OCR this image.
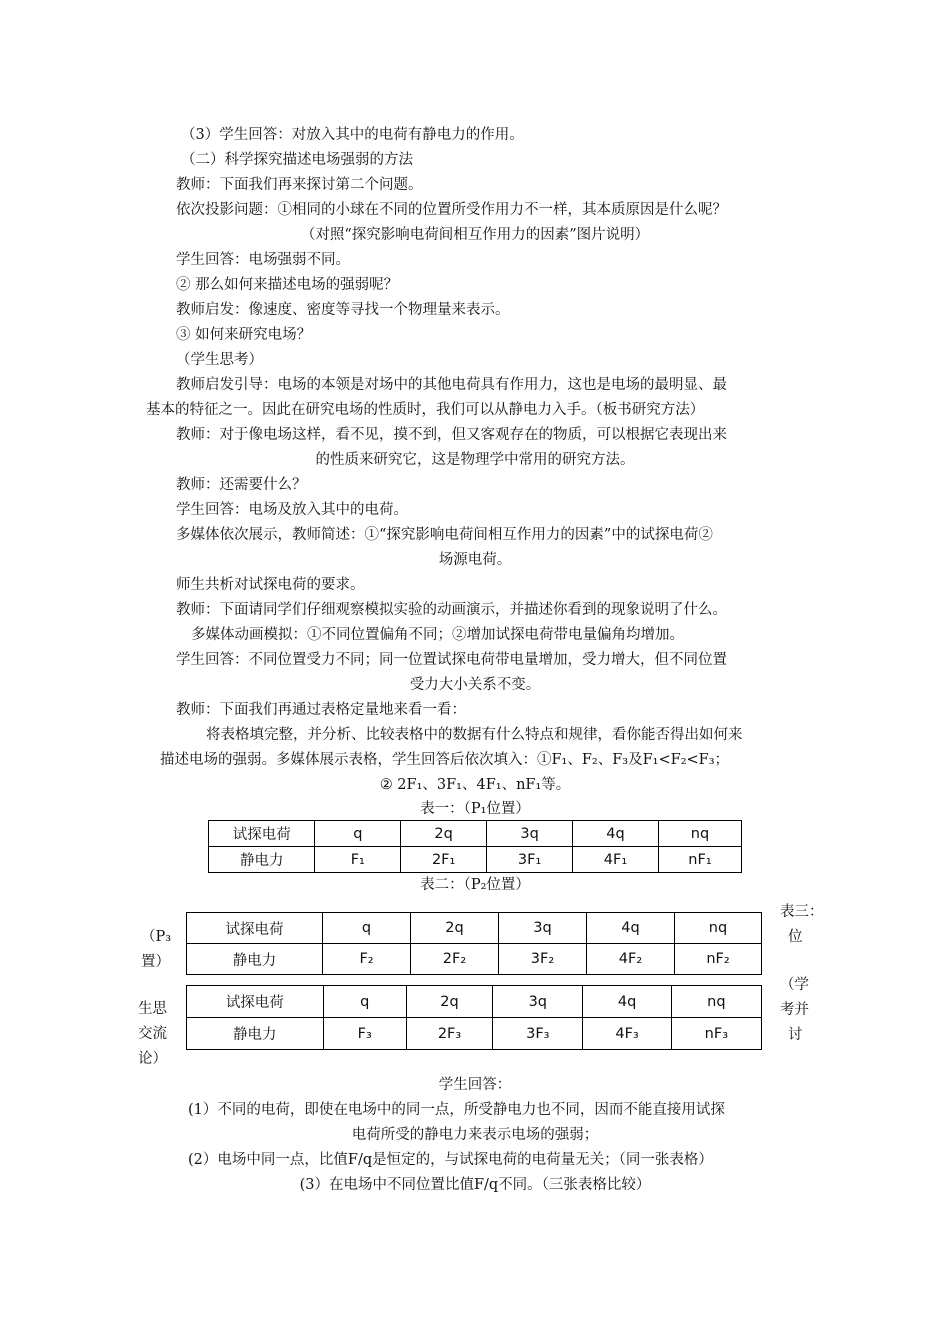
（3）学生回答：对放入其中的电荷有静电力的作用。
（二）科学探究描述电场强弱的方法
教师：下面我们再来探讨第二个问题。
依次投影问题：①相同的小球在不同的位置所受作用力不一样，其本质原因是什么呢？
（对照“探究影响电荷间相互作用力的因素”图片说明）
学生回答：电场强弱不同。
② 那么如何来描述电场的强弱呢？
教师启发：像速度、密度等寻找一个物理量来表示。
③ 如何来研究电场？
（学生思考）
教师启发引导：电场的本领是对场中的其他电荷具有作用力，这也是电场的最明显、最
基本的特征之一。因此在研究电场的性质时，我们可以从静电力入手。（板书研究方法）
教师：对于像电场这样，看不见，摸不到，但又客观存在的物质，可以根据它表现出来
的性质来研究它，这是物理学中常用的研究方法。
教师：还需要什么？
学生回答：电场及放入其中的电荷。
多媒体依次展示，教师简述：①“探究影响电荷间相互作用力的因素”中的试探电荷②
场源电荷。
师生共析对试探电荷的要求。
教师：下面请同学们仔细观察模拟实验的动画演示，并描述你看到的现象说明了什么。
多媒体动画模拟：①不同位置偏角不同；②增加试探电荷带电量偏角均增加。
学生回答：不同位置受力不同；同一位置试探电荷带电量增加，受力增大，但不同位置
受力大小关系不变。
教师：下面我们再通过表格定量地来看一看：
将表格填完整，并分析、比较表格中的数据有什么特点和规律，看你能否得出如何来
描述电场的强弱。多媒体展示表格，学生回答后依次填入：①F₁、F₂、F₃及F₁<F₂<F₃；
② 2F₁、3F₁、4F₁、nF₁等。
表一：（P₁位置）
试探电荷	q	2q	3q	4q	nq
静电力	F₁	2F₁	3F₁	4F₁	nF₁
表二：（P₂位置）
试探电荷	q	2q	3q	4q	nq
静电力	F₂	2F₂	3F₂	4F₂	nF₂
表三：
位
（P₃
置）
试探电荷	q	2q	3q	4q	nq
静电力	F₃	2F₃	3F₃	4F₃	nF₃
生思
交流
论）
（学
考并
讨
学生回答：
(1）不同的电荷，即使在电场中的同一点，所受静电力也不同，因而不能直接用试探
电荷所受的静电力来表示电场的强弱；
(2）电场中同一点，比值F/q是恒定的，与试探电荷的电荷量无关；（同一张表格）
(3）在电场中不同位置比值F/q不同。（三张表格比较）
